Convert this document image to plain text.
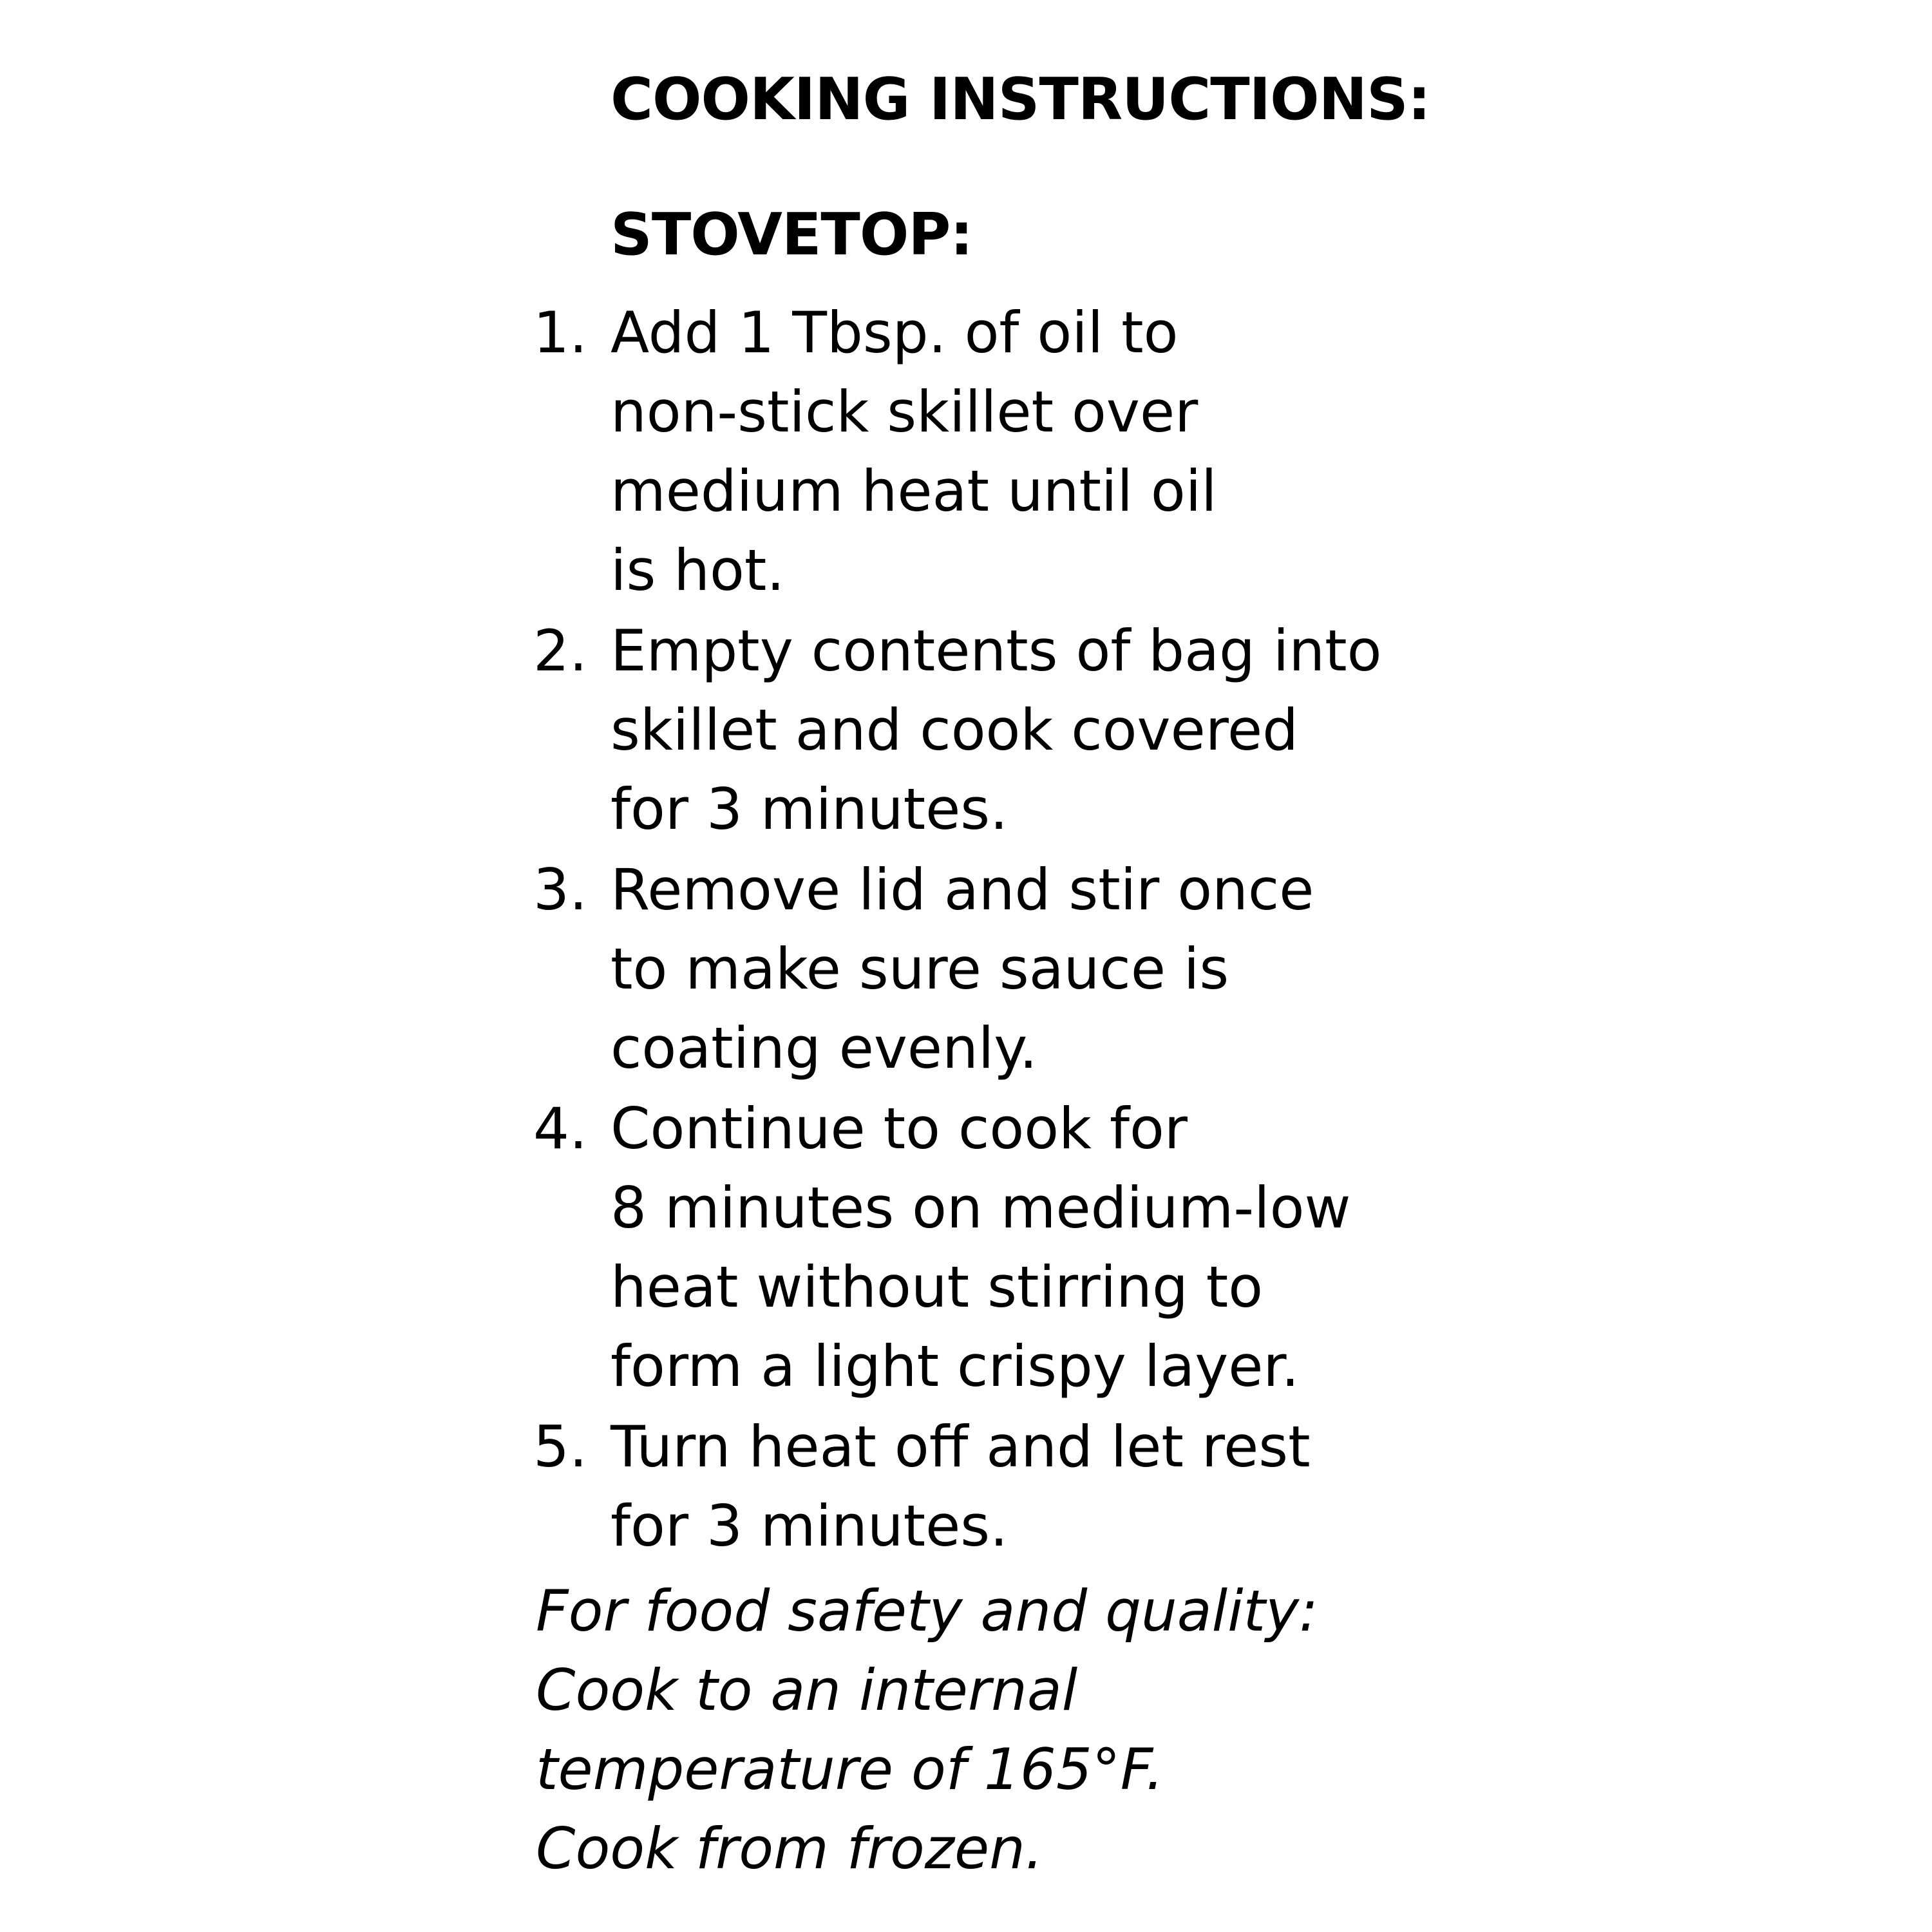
COOKING INSTRUCTIONS:
STOVETOP:
1. Add 1 Tbsp. of oil to
non-stick skillet over
medium heat until oil
is hot.
2. Empty contents of bag into
skillet and cook covered
for 3 minutes.
3. Remove lid and stir once
to make sure sauce is
coating evenly.
4. Continue to cook for
8 minutes on medium-low
heat without stirring to
form a light crispy layer.
5. Turn heat off and let rest
for 3 minutes.
For food safety and quality:
Cook to an internal
temperature of 165°F.
Cook from frozen.
